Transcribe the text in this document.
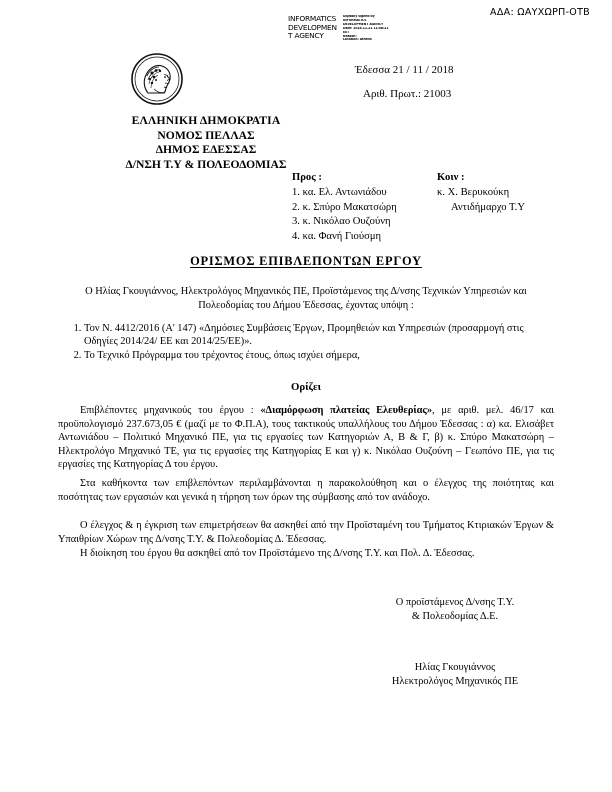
ΑΔΑ: ΩΑΥΧΩΡΠ-ΟΤΒ
INFORMATICS
DEVELOPMEN
T AGENCY
Digitally signed by
INFORMATICS
DEVELOPMENT AGENCY
Date: 2018.11.21 11:08:21
EET
Reason:
Location: Athens
Έδεσσα 21 / 11 / 2018
Αριθ. Πρωτ.: 21003
ΕΛΛΗΝΙΚΗ ΔΗΜΟΚΡΑΤΙΑ
ΝΟΜΟΣ ΠΕΛΛΑΣ
ΔΗΜΟΣ ΕΔΕΣΣΑΣ
Δ/ΝΣΗ Τ.Υ & ΠΟΛΕΟΔΟΜΙΑΣ
Προς :
1. κα. Ελ. Αντωνιάδου
2. κ. Σπύρο Μακατσώρη
3. κ. Νικόλαο Ουζούνη
4. κα. Φανή Γιούσμη
Κοιν :
κ. Χ. Βερυκούκη
Αντιδήμαρχο Τ.Υ
ΟΡΙΣΜΟΣ ΕΠΙΒΛΕΠΟΝΤΩΝ ΕΡΓΟΥ

Ο Ηλίας Γκουγιάννος, Ηλεκτρολόγος Μηχανικός ΠΕ, Προϊστάμενος της Δ/νσης Τεχνικών Υπηρεσιών και Πολεοδομίας του Δήμου Έδεσσας, έχοντας υπόψη :

1. Τον Ν. 4412/2016 (Α' 147) «Δημόσιες Συμβάσεις Έργων, Προμηθειών και Υπηρεσιών (προσαρμογή στις Οδηγίες 2014/24/ ΕΕ και 2014/25/ΕΕ)».
2. Το Τεχνικό Πρόγραμμα του τρέχοντος έτους, όπως ισχύει σήμερα,
Ορίζει

Επιβλέποντες μηχανικούς του έργου : «Διαμόρφωση πλατείας Ελευθερίας», με αριθ. μελ. 46/17 και προϋπολογισμό 237.673,05 € (μαζί με το Φ.Π.Α), τους τακτικούς υπαλλήλους του Δήμου Έδεσσας : α) κα. Ελισάβετ Αντωνιάδου – Πολιτικό Μηχανικό ΠΕ, για τις εργασίες των Κατηγοριών Α, Β & Γ, β) κ. Σπύρο Μακατσώρη – Ηλεκτρολόγο Μηχανικό ΤΕ, για τις εργασίες της Κατηγορίας Ε και γ) κ. Νικόλαο Ουζούνη – Γεωπόνο ΠΕ, για τις εργασίες της Κατηγορίας Δ του έργου.

Στα καθήκοντα των επιβλεπόντων περιλαμβάνονται η παρακολούθηση και ο έλεγχος της ποιότητας και ποσότητας των εργασιών και γενικά η τήρηση των όρων της σύμβασης από τον ανάδοχο.

Ο έλεγχος & η έγκριση των επιμετρήσεων θα ασκηθεί από την Προϊσταμένη του Τμήματος Κτιριακών Έργων & Υπαιθρίων Χώρων της Δ/νσης Τ.Υ. & Πολεοδομίας Δ. Έδεσσας.

Η διοίκηση του έργου θα ασκηθεί από τον Προϊστάμενο της Δ/νσης Τ.Υ. και Πολ. Δ. Έδεσσας.

Ο προϊστάμενος Δ/νσης Τ.Υ.
& Πολεοδομίας Δ.Ε.
Ηλίας Γκουγιάννος
Ηλεκτρολόγος Μηχανικός ΠΕ
